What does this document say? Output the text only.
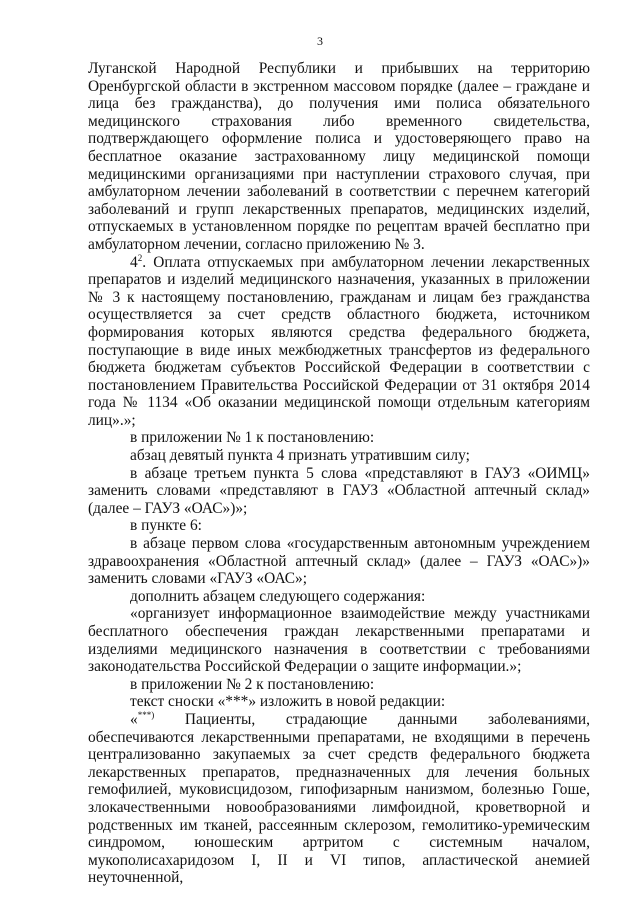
3

Луганской Народной Республики и прибывших на территорию Оренбургской области в экстренном массовом порядке (далее – граждане и лица без гражданства), до получения ими полиса обязательного медицинского страхования либо временного свидетельства, подтверждающего оформление полиса и удостоверяющего право на бесплатное оказание застрахованному лицу медицинской помощи медицинскими организациями при наступлении страхового случая, при амбулаторном лечении заболеваний в соответствии с перечнем категорий заболеваний и групп лекарственных препаратов, медицинских изделий, отпускаемых в установленном порядке по рецептам врачей бесплатно при амбулаторном лечении, согласно приложению № 3.

$4^2$. Оплата отпускаемых при амбулаторном лечении лекарственных препаратов и изделий медицинского назначения, указанных в приложении № 3 к настоящему постановлению, гражданам и лицам без гражданства осуществляется за счет средств областного бюджета, источником формирования которых являются средства федерального бюджета, поступающие в виде иных межбюджетных трансфертов из федерального бюджета бюджетам субъектов Российской Федерации в соответствии с постановлением Правительства Российской Федерации от 31 октября 2014 года № 1134 «Об оказании медицинской помощи отдельным категориям лиц».»;

в приложении № 1 к постановлению:

абзац девятый пункта 4 признать утратившим силу;

в абзаце третьем пункта 5 слова «представляют в ГАУЗ «ОИМЦ» заменить словами «представляют в ГАУЗ «Областной аптечный склад» (далее – ГАУЗ «ОАС»)»;

в пункте 6:

в абзаце первом слова «государственным автономным учреждением здравоохранения «Областной аптечный склад» (далее – ГАУЗ «ОАС»)» заменить словами «ГАУЗ «ОАС»;

дополнить абзацем следующего содержания:

«организует информационное взаимодействие между участниками бесплатного обеспечения граждан лекарственными препаратами и изделиями медицинского назначения в соответствии с требованиями законодательства Российской Федерации о защите информации.»;

в приложении № 2 к постановлению:

текст сноски «***» изложить в новой редакции:

«***) Пациенты, страдающие данными заболеваниями, обеспечиваются лекарственными препаратами, не входящими в перечень централизованно закупаемых за счет средств федерального бюджета лекарственных препаратов, предназначенных для лечения больных гемофилией, муковисцидозом, гипофизарным нанизмом, болезнью Гоше, злокачественными новообразованиями лимфоидной, кроветворной и родственных им тканей, рассеянным склерозом, гемолитико-уремическим синдромом, юношеским артритом с системным началом, мукополисахаридозом I, II и VI типов, апластической анемией неуточненной,
